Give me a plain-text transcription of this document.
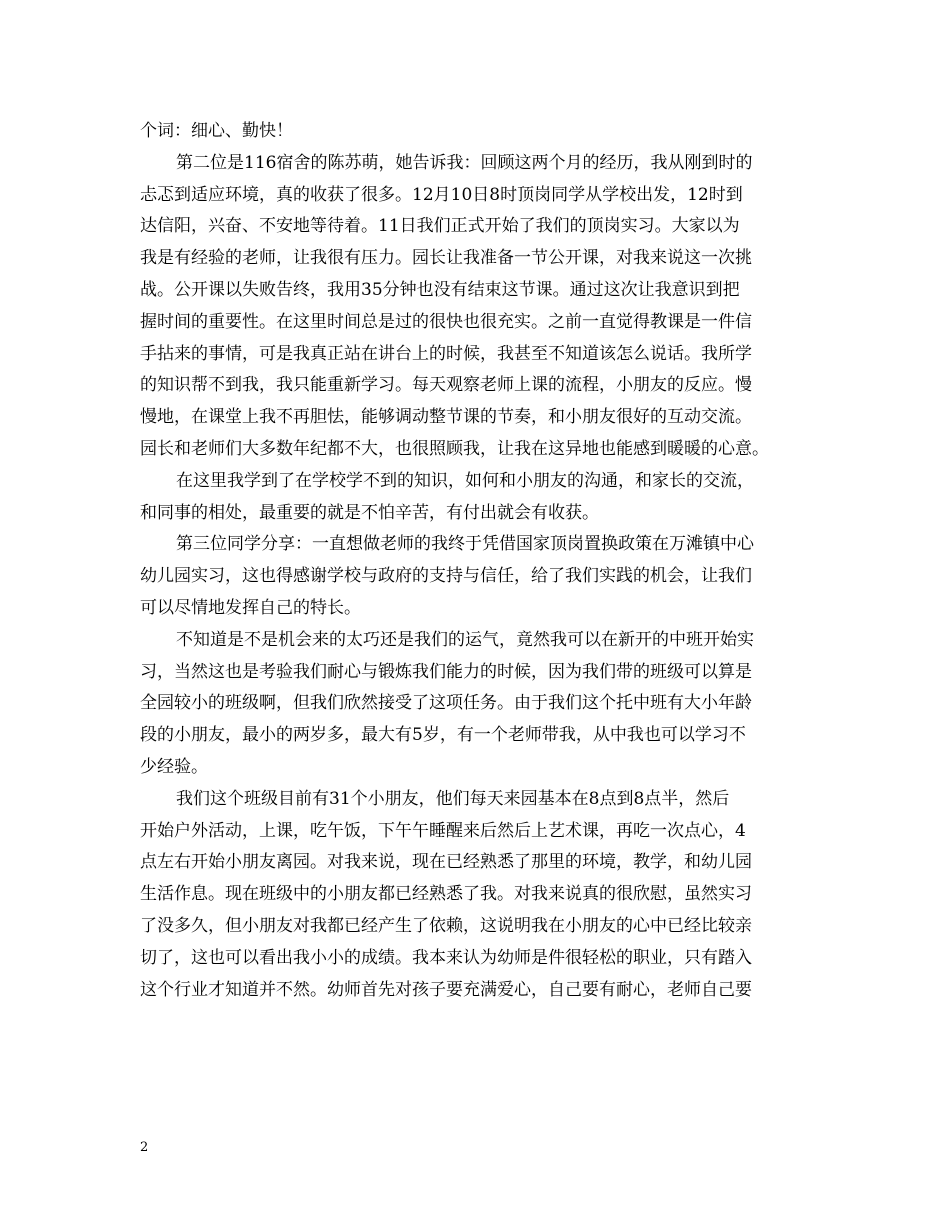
个词：细心、勤快！
第二位是116宿舍的陈苏萌，她告诉我：回顾这两个月的经历，我从刚到时的
忐忑到适应环境，真的收获了很多。12月10日8时顶岗同学从学校出发，12时到
达信阳，兴奋、不安地等待着。11日我们正式开始了我们的顶岗实习。大家以为
我是有经验的老师，让我很有压力。园长让我准备一节公开课，对我来说这一次挑
战。公开课以失败告终，我用35分钟也没有结束这节课。通过这次让我意识到把
握时间的重要性。在这里时间总是过的很快也很充实。之前一直觉得教课是一件信
手拈来的事情，可是我真正站在讲台上的时候，我甚至不知道该怎么说话。我所学
的知识帮不到我，我只能重新学习。每天观察老师上课的流程，小朋友的反应。慢
慢地，在课堂上我不再胆怯，能够调动整节课的节奏，和小朋友很好的互动交流。
园长和老师们大多数年纪都不大，也很照顾我，让我在这异地也能感到暖暖的心意。
在这里我学到了在学校学不到的知识，如何和小朋友的沟通，和家长的交流，
和同事的相处，最重要的就是不怕辛苦，有付出就会有收获。
第三位同学分享：一直想做老师的我终于凭借国家顶岗置换政策在万滩镇中心
幼儿园实习，这也得感谢学校与政府的支持与信任，给了我们实践的机会，让我们
可以尽情地发挥自己的特长。
不知道是不是机会来的太巧还是我们的运气，竟然我可以在新开的中班开始实
习，当然这也是考验我们耐心与锻炼我们能力的时候，因为我们带的班级可以算是
全园较小的班级啊，但我们欣然接受了这项任务。由于我们这个托中班有大小年龄
段的小朋友，最小的两岁多，最大有5岁，有一个老师带我，从中我也可以学习不
少经验。
我们这个班级目前有31个小朋友，他们每天来园基本在8点到8点半，然后
开始户外活动，上课，吃午饭，下午午睡醒来后然后上艺术课，再吃一次点心，4
点左右开始小朋友离园。对我来说，现在已经熟悉了那里的环境，教学，和幼儿园
生活作息。现在班级中的小朋友都已经熟悉了我。对我来说真的很欣慰，虽然实习
了没多久，但小朋友对我都已经产生了依赖，这说明我在小朋友的心中已经比较亲
切了，这也可以看出我小小的成绩。我本来认为幼师是件很轻松的职业，只有踏入
这个行业才知道并不然。幼师首先对孩子要充满爱心，自己要有耐心，老师自己要
2
